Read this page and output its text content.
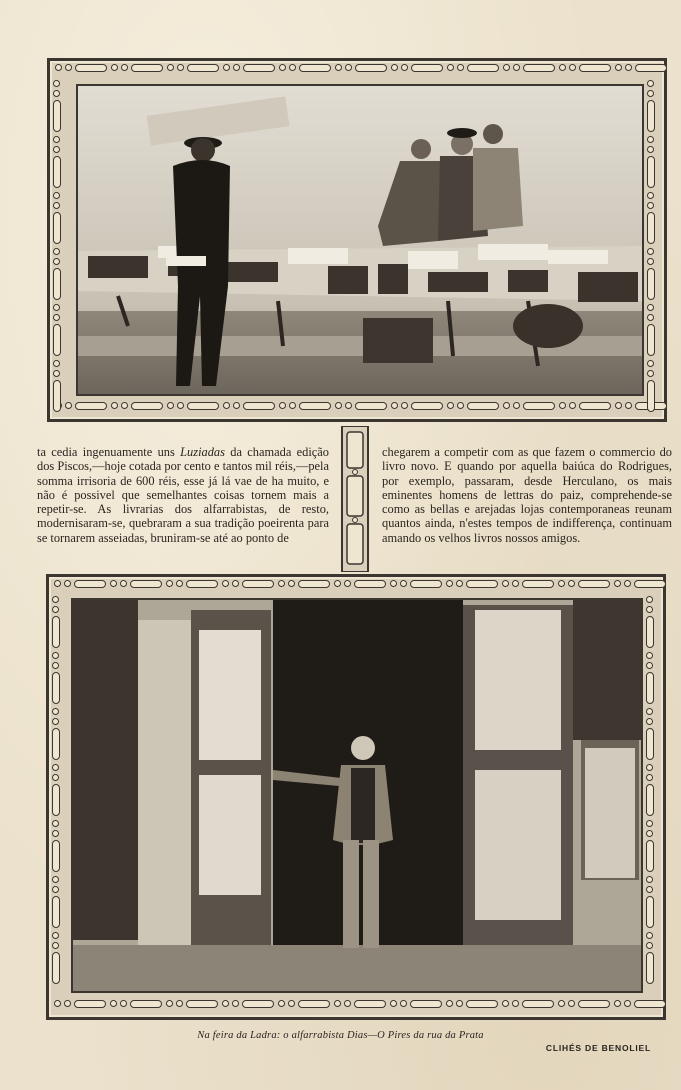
ta cedia ingenuamente uns Luziadas da chamada edição dos Piscos,—hoje cotada por cento e tantos mil réis,—pela somma irrisoria de 600 réis, esse já lá vae de ha muito, e não é possivel que semelhantes coisas tornem mais a repetir-se. As livrarias dos alfarrabistas, de resto, modernisaram-se, quebraram a sua tradição poeirenta para se tornarem asseiadas, bruniram-se até ao ponto de

chegarem a competir com as que fazem o commercio do livro novo. E quando por aquella baiúca do Rodrigues, por exemplo, passaram, desde Herculano, os mais eminentes homens de lettras do paiz, comprehende-se como as bellas e arejadas lojas contemporaneas reunam quantos ainda, n'estes tempos de indifferença, continuam amando os velhos livros nossos amigos.

Na feira da Ladra: o alfarrabista Dias—O Pires da rua da Prata
CLIHÉS DE BENOLIEL
